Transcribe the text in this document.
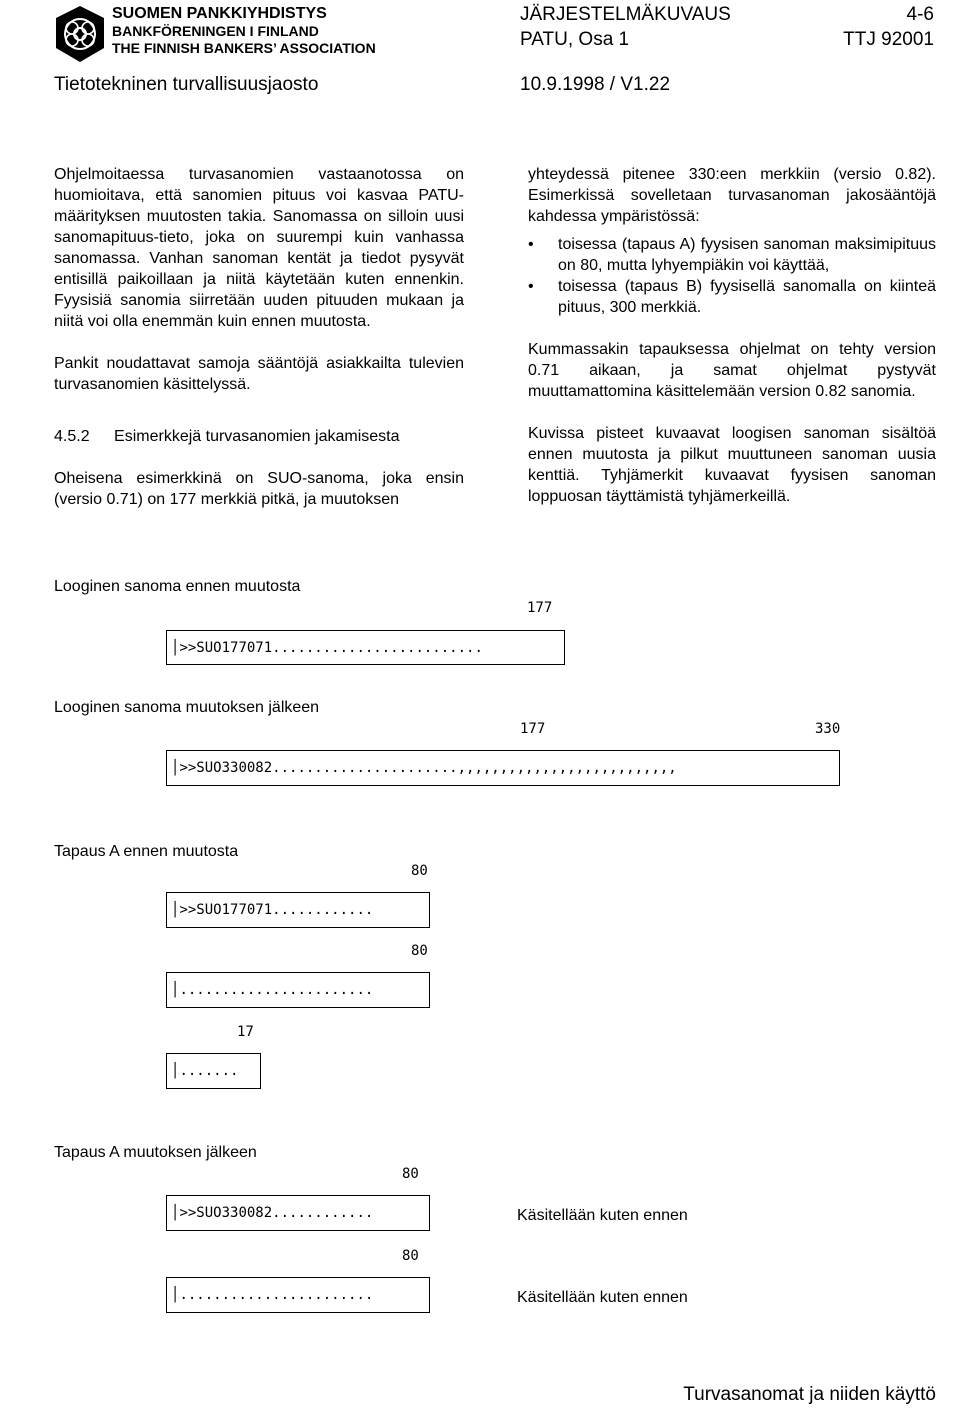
SUOMEN PANKKIYHDISTYS
BANKFÖRENINGEN I FINLAND
THE FINNISH BANKERS’ ASSOCIATION
JÄRJESTELMÄKUVAUS	4-6
PATU, Osa 1	TTJ 92001
Tietotekninen turvallisuusjaosto	10.9.1998 / V1.22

Ohjelmoitaessa turvasanomien vastaanotossa on huomioitava, että sanomien pituus voi kasvaa PATU-määrityksen muutosten takia. Sanomassa on silloin uusi sanomapituus-tieto, joka on suurempi kuin vanhassa sanomassa. Vanhan sanoman kentät ja tiedot pysyvät entisillä paikoillaan ja niitä käytetään kuten ennenkin. Fyysisiä sanomia siirretään uuden pituuden mukaan ja niitä voi olla enemmän kuin ennen muutosta.

Pankit noudattavat samoja sääntöjä asiakkailta tulevien turvasanomien käsittelyssä.

4.5.2 Esimerkkejä turvasanomien jakamisesta

Oheisena esimerkkinä on SUO-sanoma, joka ensin (versio 0.71) on 177 merkkiä pitkä, ja muutoksen

yhteydessä pitenee 330:een merkkiin (versio 0.82). Esimerkissä sovelletaan turvasanoman jakosääntöjä kahdessa ympäristössä:

• toisessa (tapaus A) fyysisen sanoman maksimipituus on 80, mutta lyhyempiäkin voi käyttää,
• toisessa (tapaus B) fyysisellä sanomalla on kiinteä pituus, 300 merkkiä.

Kummassakin tapauksessa ohjelmat on tehty version 0.71 aikaan, ja samat ohjelmat pystyvät muuttamattomina käsittelemään version 0.82 sanomia.

Kuvissa pisteet kuvaavat loogisen sanoman sisältöä ennen muutosta ja pilkut muuttuneen sanoman uusia kenttiä. Tyhjämerkit kuvaavat fyysisen sanoman loppuosan täyttämistä tyhjämerkeillä.

Looginen sanoma ennen muutosta
177
│ >>SUO177071.........................
Looginen sanoma muutoksen jälkeen
177	330
│ >>SUO330082......................,,,,,,,,,,,,,,,,,,,,,,,,,,
Tapaus A ennen muutosta
80
│ >>SUO177071............
80
│ .......................
17
│ .......
Tapaus A muutoksen jälkeen
80
│ >>SUO330082............	Käsitellään kuten ennen
80
│ .......................	Käsitellään kuten ennen
Turvasanomat ja niiden käyttö
